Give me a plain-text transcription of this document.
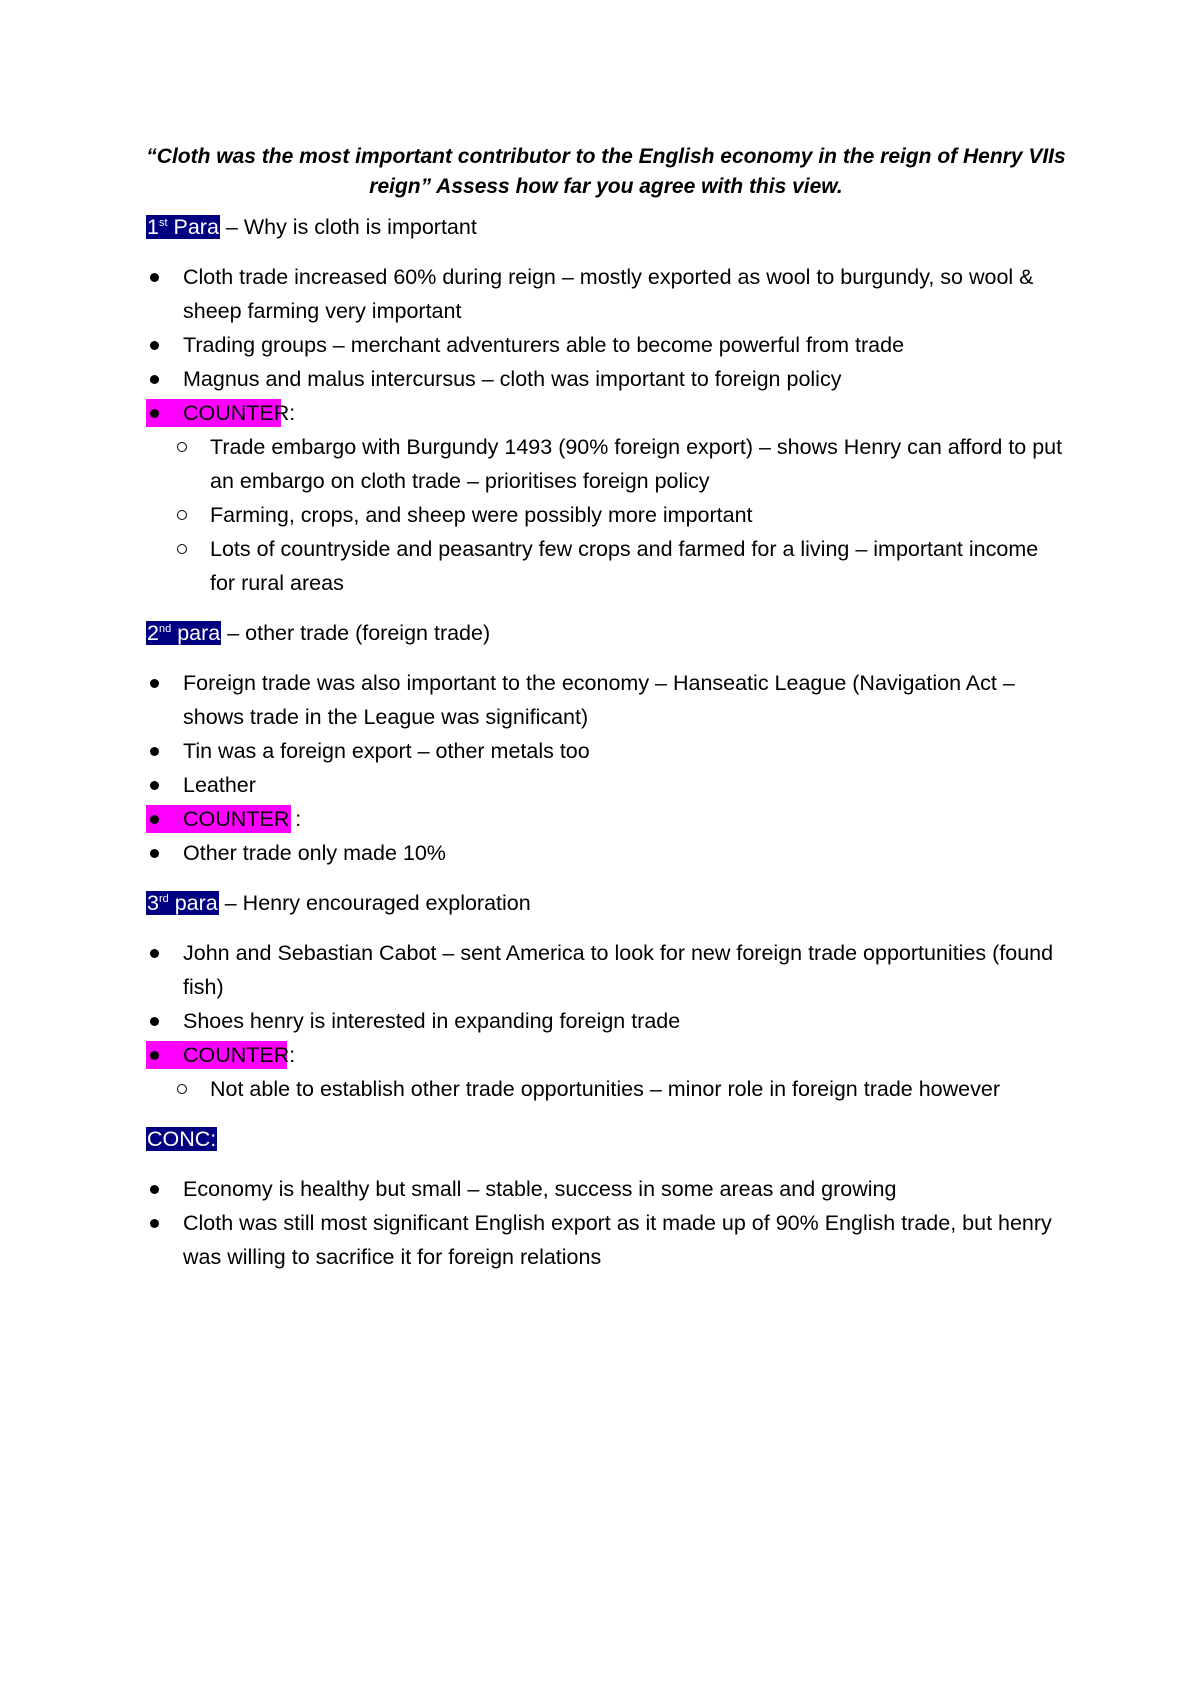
“Cloth was the most important contributor to the English economy in the reign of Henry VIIs reign” Assess how far you agree with this view.

1st Para – Why is cloth is important
Cloth trade increased 60% during reign – mostly exported as wool to burgundy, so wool & sheep farming very important
Trading groups – merchant adventurers able to become powerful from trade
Magnus and malus intercursus – cloth was important to foreign policy
COUNTER:
Trade embargo with Burgundy 1493 (90% foreign export) – shows Henry can afford to put an embargo on cloth trade – prioritises foreign policy
Farming, crops, and sheep were possibly more important
Lots of countryside and peasantry few crops and farmed for a living – important income for rural areas
2nd para – other trade (foreign trade)
Foreign trade was also important to the economy – Hanseatic League (Navigation Act – shows trade in the League was significant)
Tin was a foreign export – other metals too
Leather
COUNTER :
Other trade only made 10%
3rd para – Henry encouraged exploration
John and Sebastian Cabot – sent America to look for new foreign trade opportunities (found fish)
Shoes henry is interested in expanding foreign trade
COUNTER:
Not able to establish other trade opportunities – minor role in foreign trade however
CONC:
Economy is healthy but small – stable, success in some areas and growing
Cloth was still most significant English export as it made up of 90% English trade, but henry was willing to sacrifice it for foreign relations
